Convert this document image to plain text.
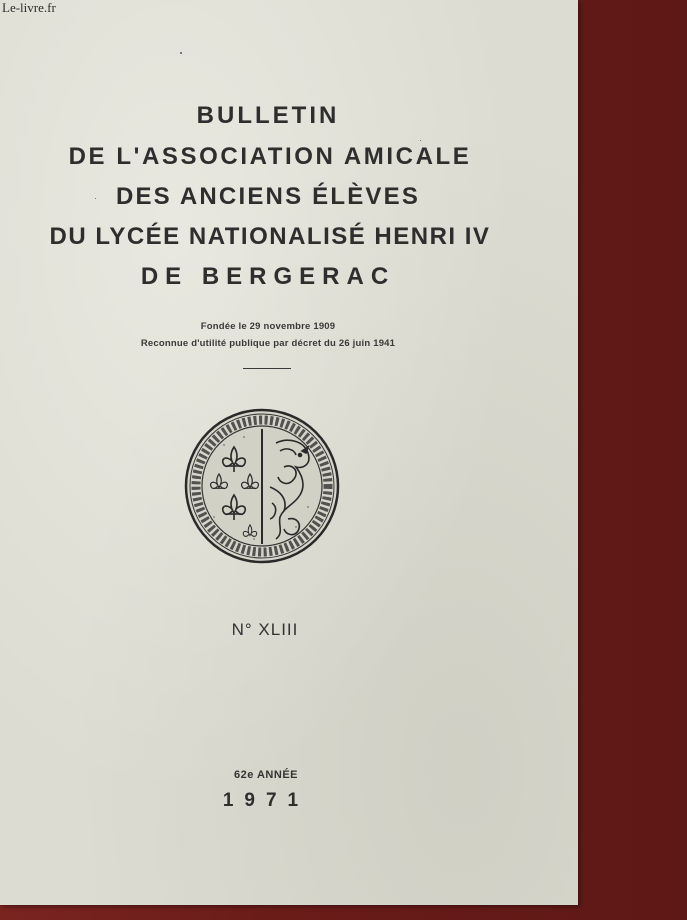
Le-livre.fr
BULLETIN
DE L'ASSOCIATION AMICALE
DES ANCIENS ÉLÈVES
DU LYCÉE NATIONALISÉ HENRI IV
DE BERGERAC
Fondée le 29 novembre 1909
Reconnue d'utilité publique par décret du 26 juin 1941
N° XLIII
62e ANNÉE
1971
